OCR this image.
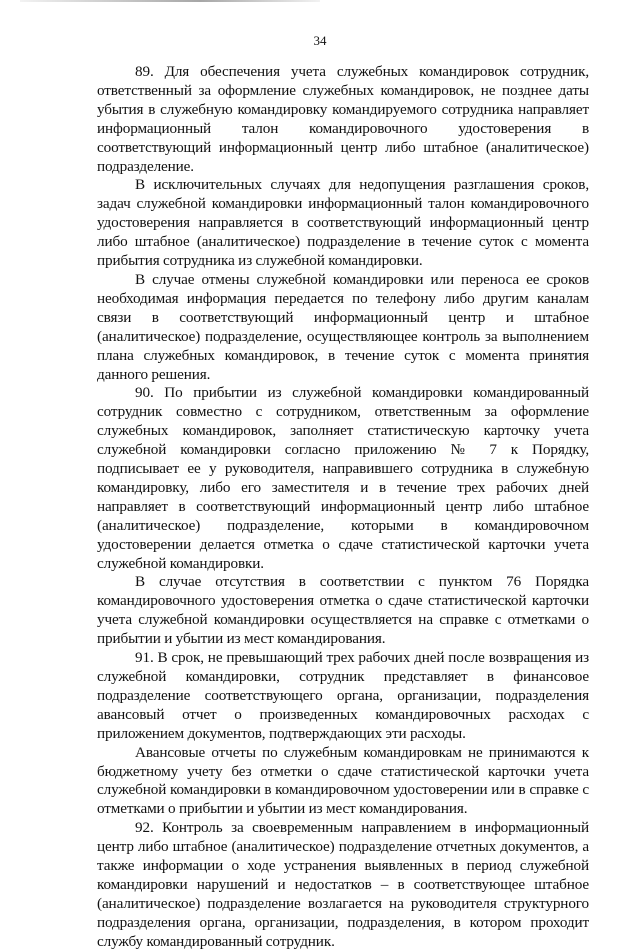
34

89. Для обеспечения учета служебных командировок сотрудник, ответственный за оформление служебных командировок, не позднее даты убытия в служебную командировку командируемого сотрудника направляет информационный талон командировочного удостоверения в соответствующий информационный центр либо штабное (аналитическое) подразделение.

В исключительных случаях для недопущения разглашения сроков, задач служебной командировки информационный талон командировочного удостоверения направляется в соответствующий информационный центр либо штабное (аналитическое) подразделение в течение суток с момента прибытия сотрудника из служебной командировки.

В случае отмены служебной командировки или переноса ее сроков необходимая информация передается по телефону либо другим каналам связи в соответствующий информационный центр и штабное (аналитическое) подразделение, осуществляющее контроль за выполнением плана служебных командировок, в течение суток с момента принятия данного решения.

90. По прибытии из служебной командировки командированный сотрудник совместно с сотрудником, ответственным за оформление служебных командировок, заполняет статистическую карточку учета служебной командировки согласно приложению № 7 к Порядку, подписывает ее у руководителя, направившего сотрудника в служебную командировку, либо его заместителя и в течение трех рабочих дней направляет в соответствующий информационный центр либо штабное (аналитическое) подразделение, которыми в командировочном удостоверении делается отметка о сдаче статистической карточки учета служебной командировки.

В случае отсутствия в соответствии с пунктом 76 Порядка командировочного удостоверения отметка о сдаче статистической карточки учета служебной командировки осуществляется на справке с отметками о прибытии и убытии из мест командирования.

91. В срок, не превышающий трех рабочих дней после возвращения из служебной командировки, сотрудник представляет в финансовое подразделение соответствующего органа, организации, подразделения авансовый отчет о произведенных командировочных расходах с приложением документов, подтверждающих эти расходы.

Авансовые отчеты по служебным командировкам не принимаются к бюджетному учету без отметки о сдаче статистической карточки учета служебной командировки в командировочном удостоверении или в справке с отметками о прибытии и убытии из мест командирования.

92. Контроль за своевременным направлением в информационный центр либо штабное (аналитическое) подразделение отчетных документов, а также информации о ходе устранения выявленных в период служебной командировки нарушений и недостатков – в соответствующее штабное (аналитическое) подразделение возлагается на руководителя структурного подразделения органа, организации, подразделения, в котором проходит службу командированный сотрудник.
